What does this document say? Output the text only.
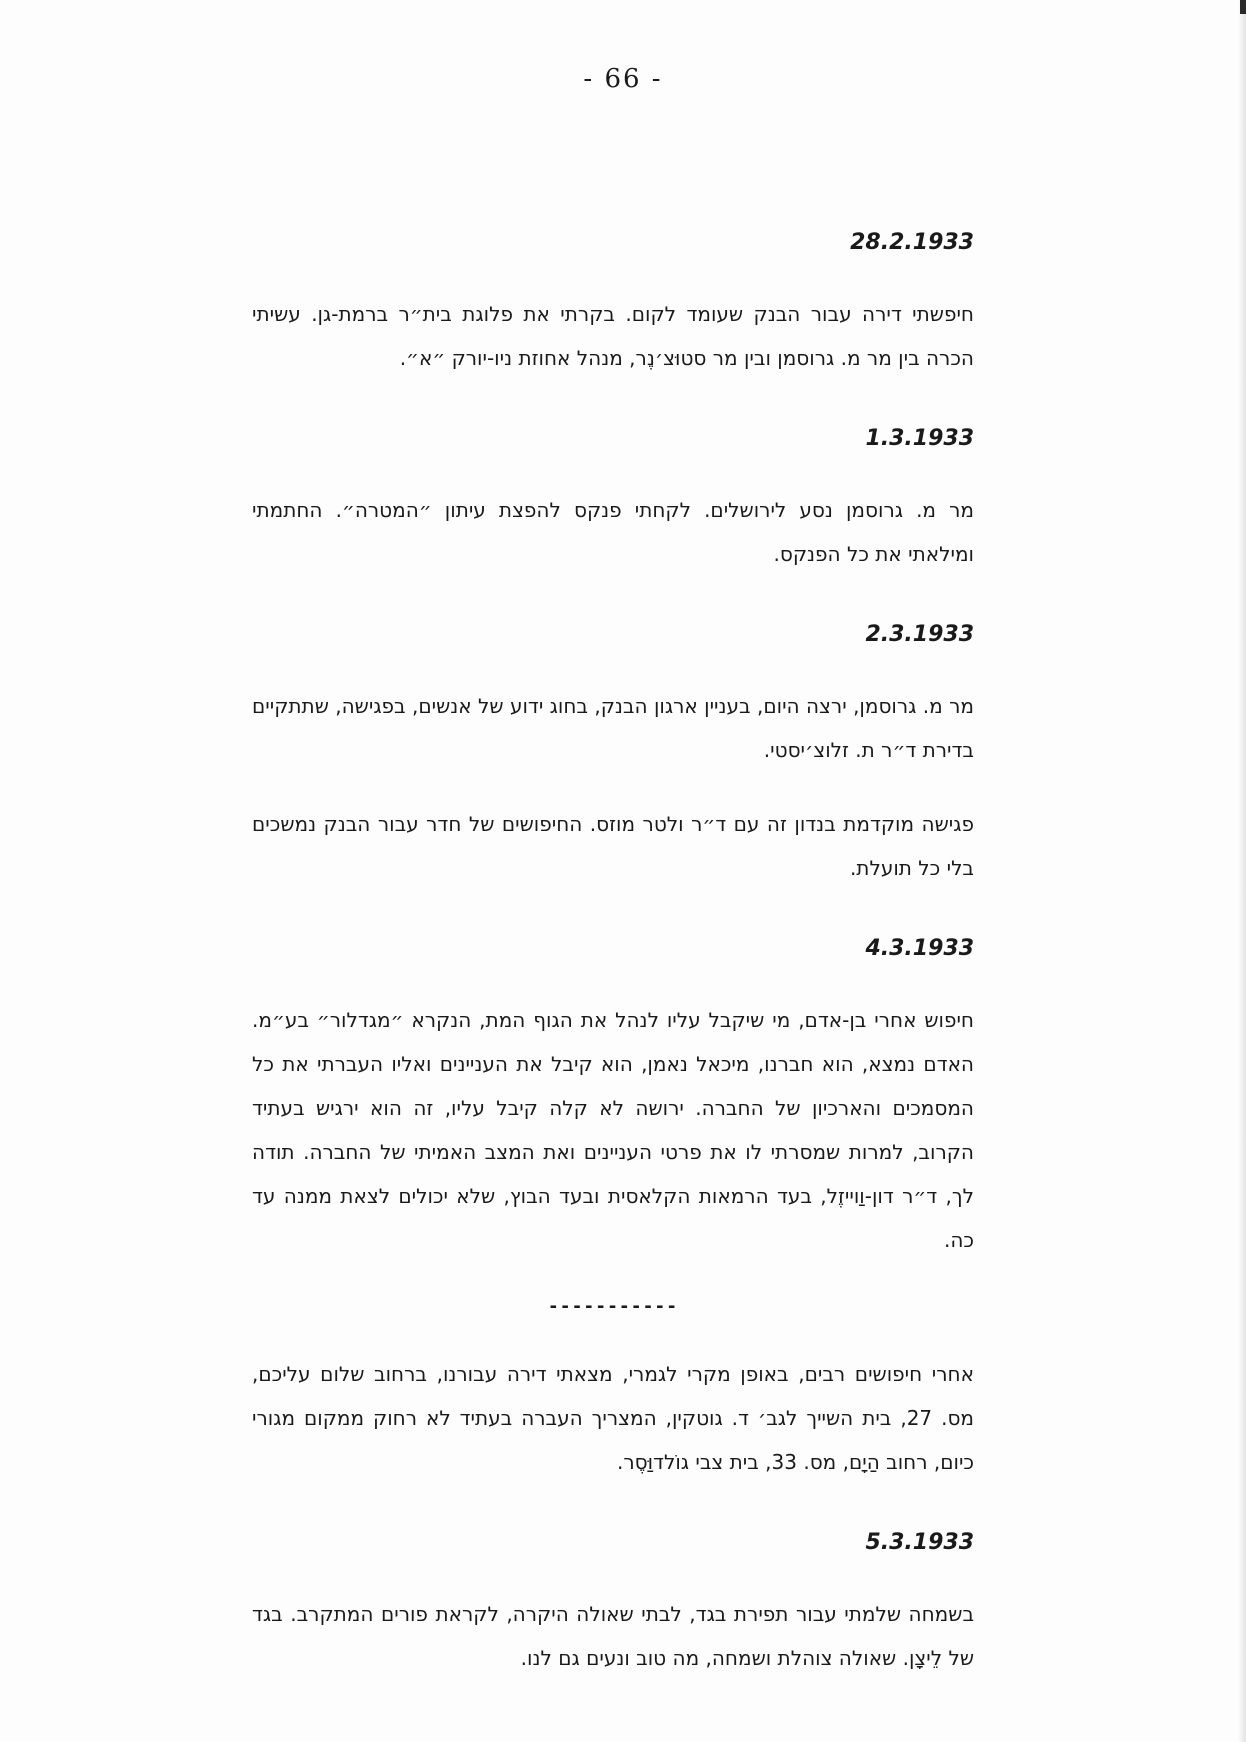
- 66 -
28.2.1933

חיפשתי דירה עבור הבנק שעומד לקום. בקרתי את פלוגת בית״ר ברמת-גן. עשיתי הכרה בין מר מ. גרוסמן ובין מר סטוּצ׳נֶר, מנהל אחוזת ניו-יורק ״א״.

1.3.1933

מר מ. גרוסמן נסע לירושלים. לקחתי פנקס להפצת עיתון ״המטרה״. החתמתי ומילאתי את כל הפנקס.

2.3.1933

מר מ. גרוסמן, ירצה היום, בעניין ארגון הבנק, בחוג ידוע של אנשים, בפגישה, שתתקיים בדירת ד״ר ת. זלוצ׳יסטי.

פגישה מוקדמת בנדון זה עם ד״ר ולטר מוזס. החיפושים של חדר עבור הבנק נמשכים בלי כל תועלת.

4.3.1933

חיפוש אחרי בן-אדם, מי שיקבל עליו לנהל את הגוף המת, הנקרא ״מגדלור״ בע״מ. האדם נמצא, הוא חברנו, מיכאל נאמן, הוא קיבל את העניינים ואליו העברתי את כל המסמכים והארכיון של החברה. ירושה לא קלה קיבל עליו, זה הוא ירגיש בעתיד הקרוב, למרות שמסרתי לו את פרטי העניינים ואת המצב האמיתי של החברה. תודה לך, ד״ר דון-וַוייזֶל, בעד הרמאות הקלאסית ובעד הבוץ, שלא יכולים לצאת ממנה עד כה.

-----------

אחרי חיפושים רבים, באופן מקרי לגמרי, מצאתי דירה עבורנו, ברחוב שלום עליכם, מס. 27, בית השייך לגב׳ ד. גוטקין, המצריך העברה בעתיד לא רחוק ממקום מגורי כיום, רחוב הַיָם, מס. 33, בית צבי גוֹלדוַּסֶר.

5.3.1933

בשמחה שלמתי עבור תפירת בגד, לבתי שאולה היקרה, לקראת פורים המתקרב. בגד של לֵיצָן. שאולה צוהלת ושמחה, מה טוב ונעים גם לנו.
